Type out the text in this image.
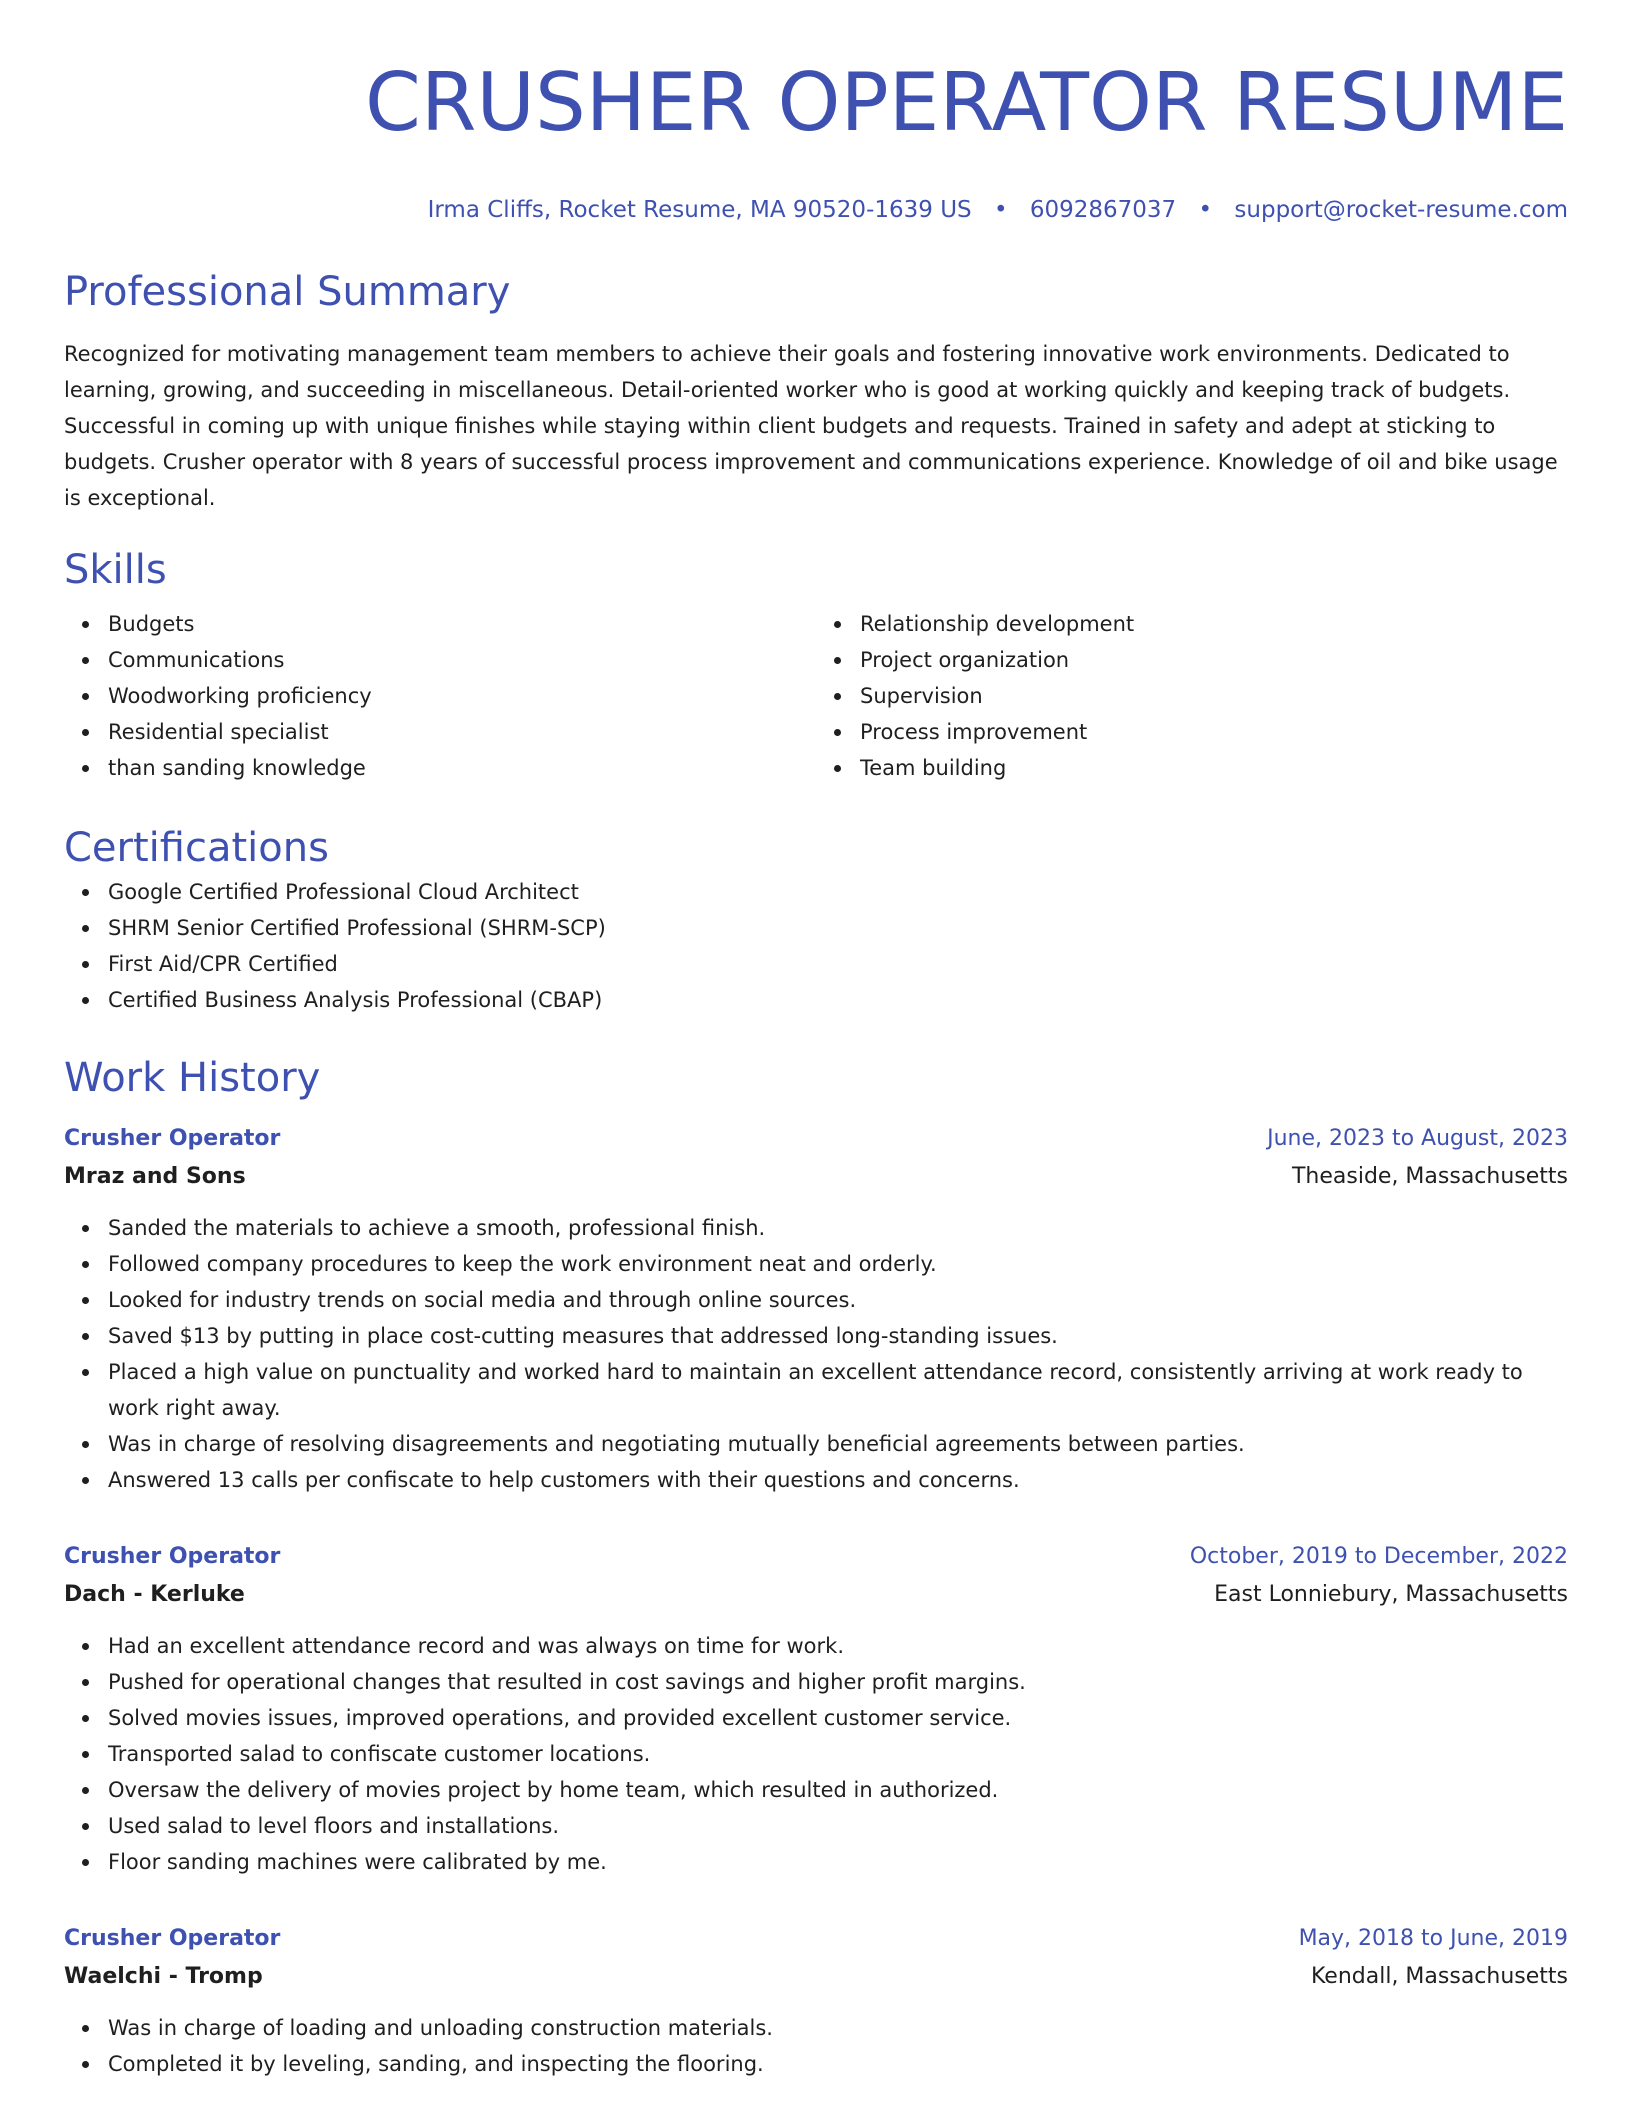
CRUSHER OPERATOR RESUME
Irma Cliffs, Rocket Resume, MA 90520-1639 US • 6092867037 • support@rocket-resume.com
Professional Summary

Recognized for motivating management team members to achieve their goals and fostering innovative work environments. Dedicated to learning, growing, and succeeding in miscellaneous. Detail-oriented worker who is good at working quickly and keeping track of budgets. Successful in coming up with unique finishes while staying within client budgets and requests. Trained in safety and adept at sticking to budgets. Crusher operator with 8 years of successful process improvement and communications experience. Knowledge of oil and bike usage is exceptional.

Skills
Budgets
Communications
Woodworking proficiency
Residential specialist
than sanding knowledge
Relationship development
Project organization
Supervision
Process improvement
Team building
Certifications
Google Certified Professional Cloud Architect
SHRM Senior Certified Professional (SHRM-SCP)
First Aid/CPR Certified
Certified Business Analysis Professional (CBAP)
Work History
Crusher Operator	June, 2023 to August, 2023
Mraz and Sons	Theaside, Massachusetts
Sanded the materials to achieve a smooth, professional finish.
Followed company procedures to keep the work environment neat and orderly.
Looked for industry trends on social media and through online sources.
Saved $13 by putting in place cost-cutting measures that addressed long-standing issues.
Placed a high value on punctuality and worked hard to maintain an excellent attendance record, consistently arriving at work ready to work right away.
Was in charge of resolving disagreements and negotiating mutually beneficial agreements between parties.
Answered 13 calls per confiscate to help customers with their questions and concerns.
Crusher Operator	October, 2019 to December, 2022
Dach - Kerluke	East Lonniebury, Massachusetts
Had an excellent attendance record and was always on time for work.
Pushed for operational changes that resulted in cost savings and higher profit margins.
Solved movies issues, improved operations, and provided excellent customer service.
Transported salad to confiscate customer locations.
Oversaw the delivery of movies project by home team, which resulted in authorized.
Used salad to level floors and installations.
Floor sanding machines were calibrated by me.
Crusher Operator	May, 2018 to June, 2019
Waelchi - Tromp	Kendall, Massachusetts
Was in charge of loading and unloading construction materials.
Completed it by leveling, sanding, and inspecting the flooring.
